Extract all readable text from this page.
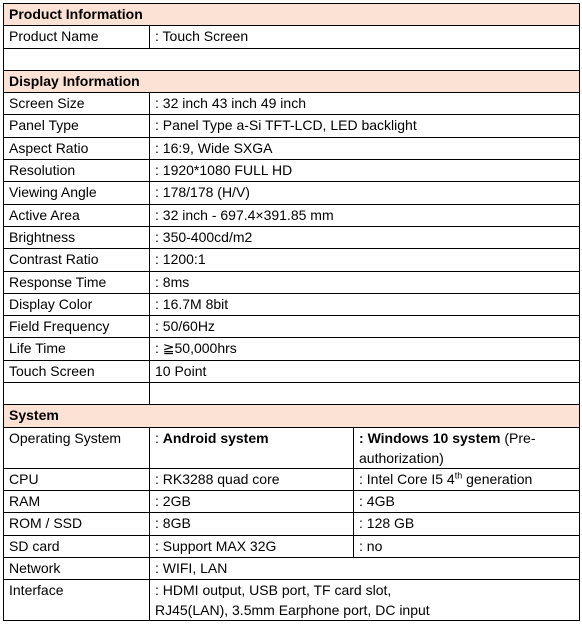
Product Information		
Product Name	: Touch Screen	

Display Information		
Screen Size	: 32 inch 43 inch 49 inch	
Panel Type	: Panel Type a-Si TFT-LCD, LED backlight	
Aspect Ratio	: 16:9, Wide SXGA	
Resolution	: 1920*1080 FULL HD	
Viewing Angle	: 178/178 (H/V)	
Active Area	: 32 inch - 697.4×391.85 mm	
Brightness	: 350-400cd/m2	
Contrast Ratio	: 1200:1	
Response Time	: 8ms	
Display Color	: 16.7M 8bit	
Field Frequency	: 50/60Hz	
Life Time	: ≧50,000hrs	
Touch Screen	10 Point	

System		
Operating System	: Android system	: Windows 10 system (Pre-authorization)
CPU	: RK3288 quad core	: Intel Core I5 4th generation
RAM	: 2GB	: 4GB
ROM / SSD	: 8GB	: 128 GB
SD card	: Support MAX 32G	: no
Network	: WIFI, LAN	
Interface	: HDMI output, USB port, TF card slot,
RJ45(LAN), 3.5mm Earphone port, DC input	
